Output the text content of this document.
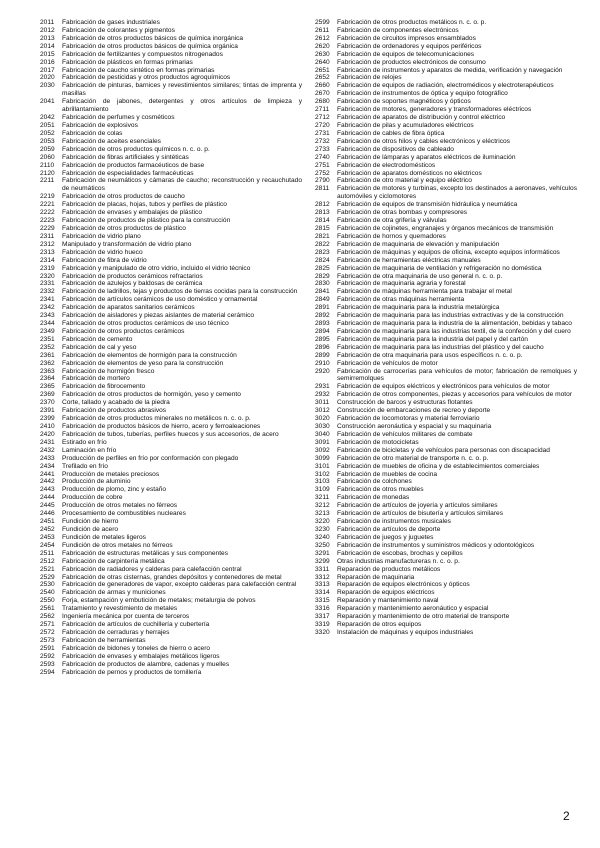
2011	Fabricación de gases industriales
2012	Fabricación de colorantes y pigmentos
2013	Fabricación de otros productos básicos de química inorgánica
2014	Fabricación de otros productos básicos de química orgánica
2015	Fabricación de fertilizantes y compuestos nitrogenados
2016	Fabricación de plásticos en formas primarias
2017	Fabricación de caucho sintético en formas primarias
2020	Fabricación de pesticidas y otros productos agroquímicos
2030	Fabricación de pinturas, barnices y revestimientos similares; tintas de imprenta y masillas
2041	Fabricación de jabones, detergentes y otros artículos de limpieza y abrillantamiento
2042	Fabricación de perfumes y cosméticos
2051	Fabricación de explosivos
2052	Fabricación de colas
2053	Fabricación de aceites esenciales
2059	Fabricación de otros productos químicos n. c. o. p.
2060	Fabricación de fibras artificiales y sintéticas
2110	Fabricación de productos farmacéuticos de base
2120	Fabricación de especialidades farmacéuticas
2211	Fabricación de neumáticos y cámaras de caucho; reconstrucción y recauchutado de neumáticos
2219	Fabricación de otros productos de caucho
2221	Fabricación de placas, hojas, tubos y perfiles de plástico
2222	Fabricación de envases y embalajes de plástico
2223	Fabricación de productos de plástico para la construcción
2229	Fabricación de otros productos de plástico
2311	Fabricación de vidrio plano
2312	Manipulado y transformación de vidrio plano
2313	Fabricación de vidrio hueco
2314	Fabricación de fibra de vidrio
2319	Fabricación y manipulado de otro vidrio, incluido el vidrio técnico
2320	Fabricación de productos cerámicos refractarios
2331	Fabricación de azulejos y baldosas de cerámica
2332	Fabricación de ladrillos, tejas y productos de tierras cocidas para la construcción
2341	Fabricación de artículos cerámicos de uso doméstico y ornamental
2342	Fabricación de aparatos sanitarios cerámicos
2343	Fabricación de aisladores y piezas aislantes de material cerámico
2344	Fabricación de otros productos cerámicos de uso técnico
2349	Fabricación de otros productos cerámicos
2351	Fabricación de cemento
2352	Fabricación de cal y yeso
2361	Fabricación de elementos de hormigón para la construcción
2362	Fabricación de elementos de yeso para la construcción
2363	Fabricación de hormigón fresco
2364	Fabricación de mortero
2365	Fabricación de fibrocemento
2369	Fabricación de otros productos de hormigón, yeso y cemento
2370	Corte, tallado y acabado de la piedra
2391	Fabricación de productos abrasivos
2399	Fabricación de otros productos minerales no metálicos n. c. o. p.
2410	Fabricación de productos básicos de hierro, acero y ferroaleaciones
2420	Fabricación de tubos, tuberías, perfiles huecos y sus accesorios, de acero
2431	Estirado en frío
2432	Laminación en frío
2433	Producción de perfiles en frío por conformación con plegado
2434	Trefilado en frío
2441	Producción de metales preciosos
2442	Producción de aluminio
2443	Producción de plomo, zinc y estaño
2444	Producción de cobre
2445	Producción de otros metales no férreos
2446	Procesamiento de combustibles nucleares
2451	Fundición de hierro
2452	Fundición de acero
2453	Fundición de metales ligeros
2454	Fundición de otros metales no férreos
2511	Fabricación de estructuras metálicas y sus componentes
2512	Fabricación de carpintería metálica
2521	Fabricación de radiadores y calderas para calefacción central
2529	Fabricación de otras cisternas, grandes depósitos y contenedores de metal
2530	Fabricación de generadores de vapor, excepto calderas para calefacción central
2540	Fabricación de armas y municiones
2550	Forja, estampación y embutición de metales; metalurgia de polvos
2561	Tratamiento y revestimiento de metales
2562	Ingeniería mecánica por cuenta de terceros
2571	Fabricación de artículos de cuchillería y cubertería
2572	Fabricación de cerraduras y herrajes
2573	Fabricación de herramientas
2591	Fabricación de bidones y toneles de hierro o acero
2592	Fabricación de envases y embalajes metálicos ligeros
2593	Fabricación de productos de alambre, cadenas y muelles
2594	Fabricación de pernos y productos de tornillería
2599	Fabricación de otros productos metálicos n. c. o. p.
2611	Fabricación de componentes electrónicos
2612	Fabricación de circuitos impresos ensamblados
2620	Fabricación de ordenadores y equipos periféricos
2630	Fabricación de equipos de telecomunicaciones
2640	Fabricación de productos electrónicos de consumo
2651	Fabricación de instrumentos y aparatos de medida, verificación y navegación
2652	Fabricación de relojes
2660	Fabricación de equipos de radiación, electromédicos y electroterapéuticos
2670	Fabricación de instrumentos de óptica y equipo fotográfico
2680	Fabricación de soportes magnéticos y ópticos
2711	Fabricación de motores, generadores y transformadores eléctricos
2712	Fabricación de aparatos de distribución y control eléctrico
2720	Fabricación de pilas y acumuladores eléctricos
2731	Fabricación de cables de fibra óptica
2732	Fabricación de otros hilos y cables electrónicos y eléctricos
2733	Fabricación de dispositivos de cableado
2740	Fabricación de lámparas y aparatos eléctricos de iluminación
2751	Fabricación de electrodomésticos
2752	Fabricación de aparatos domésticos no eléctricos
2790	Fabricación de otro material y equipo eléctrico
2811	Fabricación de motores y turbinas, excepto los destinados a aeronaves, vehículos automóviles y ciclomotores
2812	Fabricación de equipos de transmisión hidráulica y neumática
2813	Fabricación de otras bombas y compresores
2814	Fabricación de otra grifería y válvulas
2815	Fabricación de cojinetes, engranajes y órganos mecánicos de transmisión
2821	Fabricación de hornos y quemadores
2822	Fabricación de maquinaria de elevación y manipulación
2823	Fabricación de máquinas y equipos de oficina, excepto equipos informáticos
2824	Fabricación de herramientas eléctricas manuales
2825	Fabricación de maquinaria de ventilación y refrigeración no doméstica
2829	Fabricación de otra maquinaria de uso general n. c. o. p.
2830	Fabricación de maquinaria agraria y forestal
2841	Fabricación de máquinas herramienta para trabajar el metal
2849	Fabricación de otras máquinas herramienta
2891	Fabricación de maquinaria para la industria metalúrgica
2892	Fabricación de maquinaria para las industrias extractivas y de la construcción
2893	Fabricación de maquinaria para la industria de la alimentación, bebidas y tabaco
2894	Fabricación de maquinaria para las industrias textil, de la confección y del cuero
2895	Fabricación de maquinaria para la industria del papel y del cartón
2896	Fabricación de maquinaria para las industrias del plástico y del caucho
2899	Fabricación de otra maquinaria para usos específicos n. c. o. p.
2910	Fabricación de vehículos de motor
2920	Fabricación de carrocerías para vehículos de motor; fabricación de remolques y semirremolques
2931	Fabricación de equipos eléctricos y electrónicos para vehículos de motor
2932	Fabricación de otros componentes, piezas y accesorios para vehículos de motor
3011	Construcción de barcos y estructuras flotantes
3012	Construcción de embarcaciones de recreo y deporte
3020	Fabricación de locomotoras y material ferroviario
3030	Construcción aeronáutica y espacial y su maquinaria
3040	Fabricación de vehículos militares de combate
3091	Fabricación de motocicletas
3092	Fabricación de bicicletas y de vehículos para personas con discapacidad
3099	Fabricación de otro material de transporte n. c. o. p.
3101	Fabricación de muebles de oficina y de establecimientos comerciales
3102	Fabricación de muebles de cocina
3103	Fabricación de colchones
3109	Fabricación de otros muebles
3211	Fabricación de monedas
3212	Fabricación de artículos de joyería y artículos similares
3213	Fabricación de artículos de bisutería y artículos similares
3220	Fabricación de instrumentos musicales
3230	Fabricación de artículos de deporte
3240	Fabricación de juegos y juguetes
3250	Fabricación de instrumentos y suministros médicos y odontológicos
3291	Fabricación de escobas, brochas y cepillos
3299	Otras industrias manufactureras n. c. o. p.
3311	Reparación de productos metálicos
3312	Reparación de maquinaria
3313	Reparación de equipos electrónicos y ópticos
3314	Reparación de equipos eléctricos
3315	Reparación y mantenimiento naval
3316	Reparación y mantenimiento aeronáutico y espacial
3317	Reparación y mantenimiento de otro material de transporte
3319	Reparación de otros equipos
3320	Instalación de máquinas y equipos industriales
2
